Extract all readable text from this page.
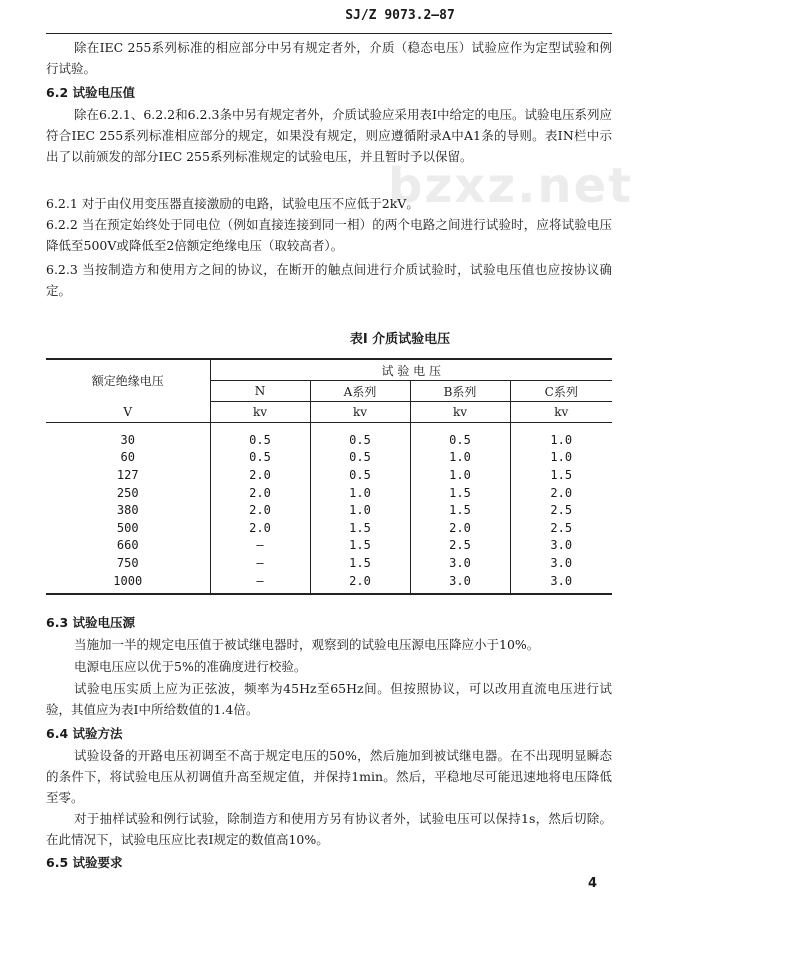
bzxz.net
SJ/Z 9073.2—87
除在IEC 255系列标准的相应部分中另有规定者外，介质（稳态电压）试验应作为定型试验和例行试验。
6.2 试验电压值
除在6.2.1、6.2.2和6.2.3条中另有规定者外，介质试验应采用表Ⅰ中给定的电压。试验电压系列应符合IEC 255系列标准相应部分的规定，如果没有规定，则应遵循附录A中A1条的导则。表ⅠN栏中示出了以前颁发的部分IEC 255系列标准规定的试验电压，并且暂时予以保留。
6.2.1 对于由仪用变压器直接激励的电路，试验电压不应低于2kV。
6.2.2 当在预定始终处于同电位（例如直接连接到同一相）的两个电路之间进行试验时，应将试验电压降低至500V或降低至2倍额定绝缘电压（取较高者）。
6.2.3 当按制造方和使用方之间的协议，在断开的触点间进行介质试验时，试验电压值也应按协议确定。
表Ⅰ 介质试验电压
额定绝缘电压	试 验 电 压			
	N	A系列	B系列	C系列
V	kv	kv	kv	kv
30	0.5	0.5	0.5	1.0
60	0.5	0.5	1.0	1.0
127	2.0	0.5	1.0	1.5
250	2.0	1.0	1.5	2.0
380	2.0	1.0	1.5	2.5
500	2.0	1.5	2.0	2.5
660	—	1.5	2.5	3.0
750	—	1.5	3.0	3.0
1000	—	2.0	3.0	3.0
6.3 试验电压源
当施加一半的规定电压值于被试继电器时，观察到的试验电压源电压降应小于10%。
电源电压应以优于5%的准确度进行校验。
试验电压实质上应为正弦波，频率为45Hz至65Hz间。但按照协议，可以改用直流电压进行试验，其值应为表Ⅰ中所给数值的1.4倍。
6.4 试验方法
试验设备的开路电压初调至不高于规定电压的50%，然后施加到被试继电器。在不出现明显瞬态的条件下，将试验电压从初调值升高至规定值，并保持1min。然后，平稳地尽可能迅速地将电压降低至零。
对于抽样试验和例行试验，除制造方和使用方另有协议者外，试验电压可以保持1s，然后切除。在此情况下，试验电压应比表Ⅰ规定的数值高10%。
6.5 试验要求
4
